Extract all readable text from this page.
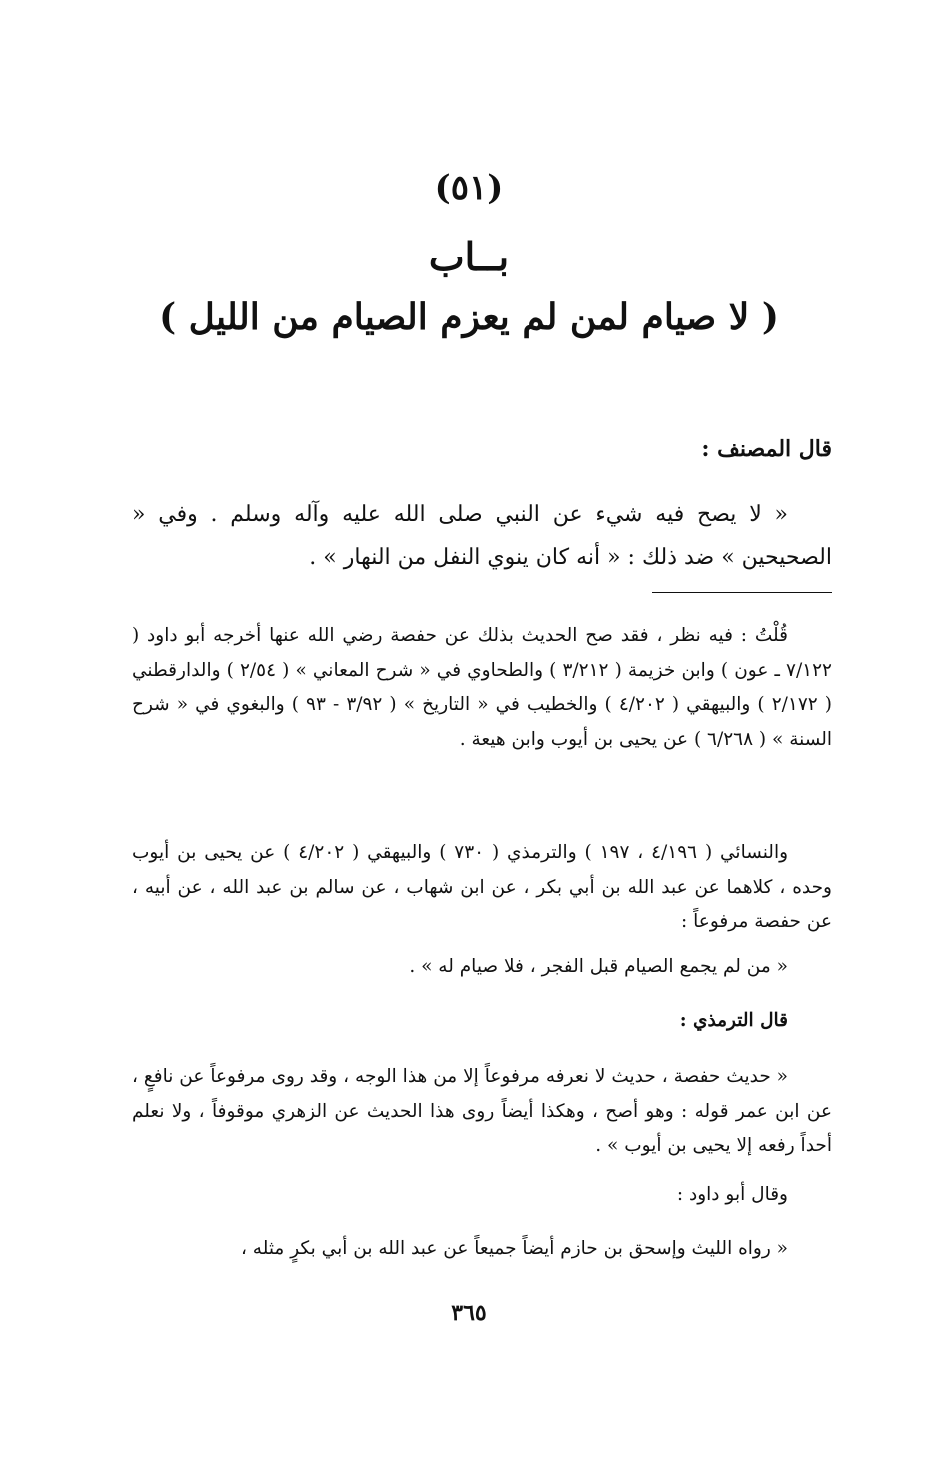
(٥١)
بــاب
( لا صيام لمن لم يعزم الصيام من الليل )
قال المصنف :
« لا يصح فيه شيء عن النبي صلى الله عليه وآله وسلم . وفي « الصحيحين » ضد ذلك : « أنه كان ينوي النفل من النهار » .
قُلْتُ : فيه نظر ، فقد صح الحديث بذلك عن حفصة رضي الله عنها أخرجه أبو داود ( ٧/١٢٢ ـ عون ) وابن خزيمة ( ٣/٢١٢ ) والطحاوي في « شرح المعاني » ( ٢/٥٤ ) والدارقطني ( ٢/١٧٢ ) والبيهقي ( ٤/٢٠٢ ) والخطيب في « التاريخ » ( ٣/٩٢ - ٩٣ ) والبغوي في « شرح السنة » ( ٦/٢٦٨ ) عن يحيى بن أيوب وابن هيعة .
والنسائي ( ٤/١٩٦ ، ١٩٧ ) والترمذي ( ٧٣٠ ) والبيهقي ( ٤/٢٠٢ ) عن يحيى بن أيوب وحده ، كلاهما عن عبد الله بن أبي بكر ، عن ابن شهاب ، عن سالم بن عبد الله ، عن أبيه ، عن حفصة مرفوعاً :
« من لم يجمع الصيام قبل الفجر ، فلا صيام له » .
قال الترمذي :
« حديث حفصة ، حديث لا نعرفه مرفوعاً إلا من هذا الوجه ، وقد روى مرفوعاً عن نافعٍ ، عن ابن عمر قوله : وهو أصح ، وهكذا أيضاً روى هذا الحديث عن الزهري موقوفاً ، ولا نعلم أحداً رفعه إلا يحيى بن أيوب » .
وقال أبو داود :
« رواه الليث وإسحق بن حازم أيضاً جميعاً عن عبد الله بن أبي بكرٍ مثله ،
٣٦٥
